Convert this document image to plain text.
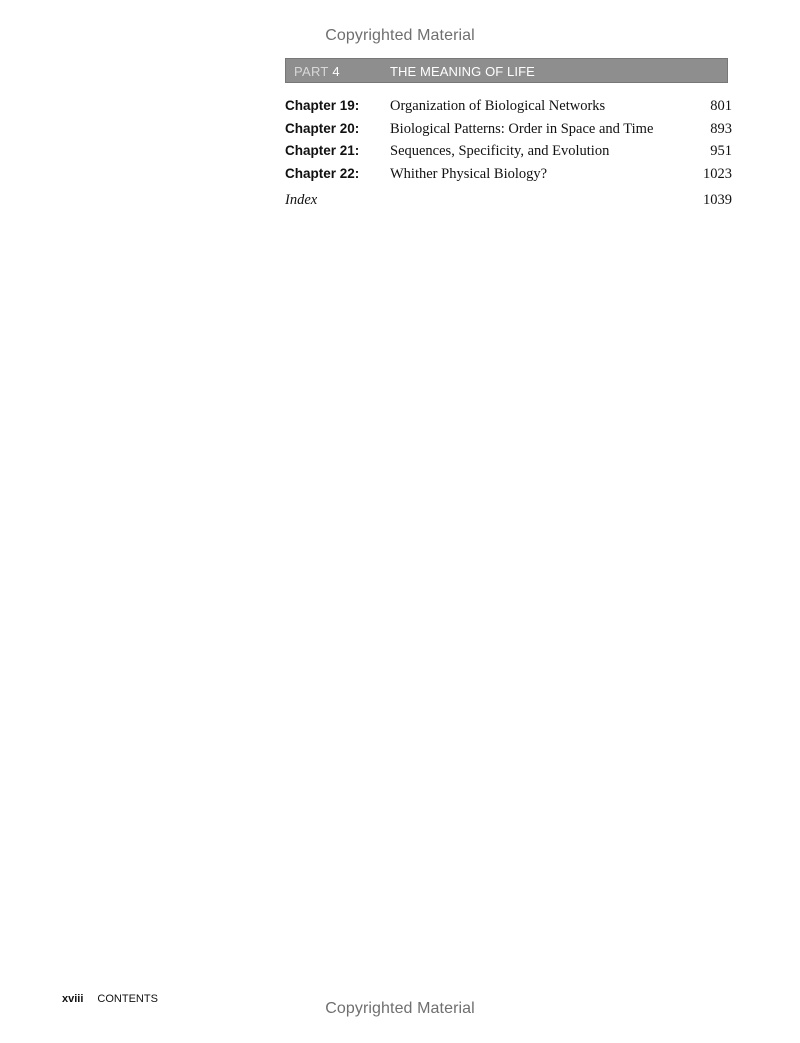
Copyrighted Material
PART 4	THE MEANING OF LIFE
Chapter 19: Organization of Biological Networks	801
Chapter 20: Biological Patterns: Order in Space and Time	893
Chapter 21: Sequences, Specificity, and Evolution	951
Chapter 22: Whither Physical Biology?	1023
Index	1039
xviii CONTENTS
Copyrighted Material
